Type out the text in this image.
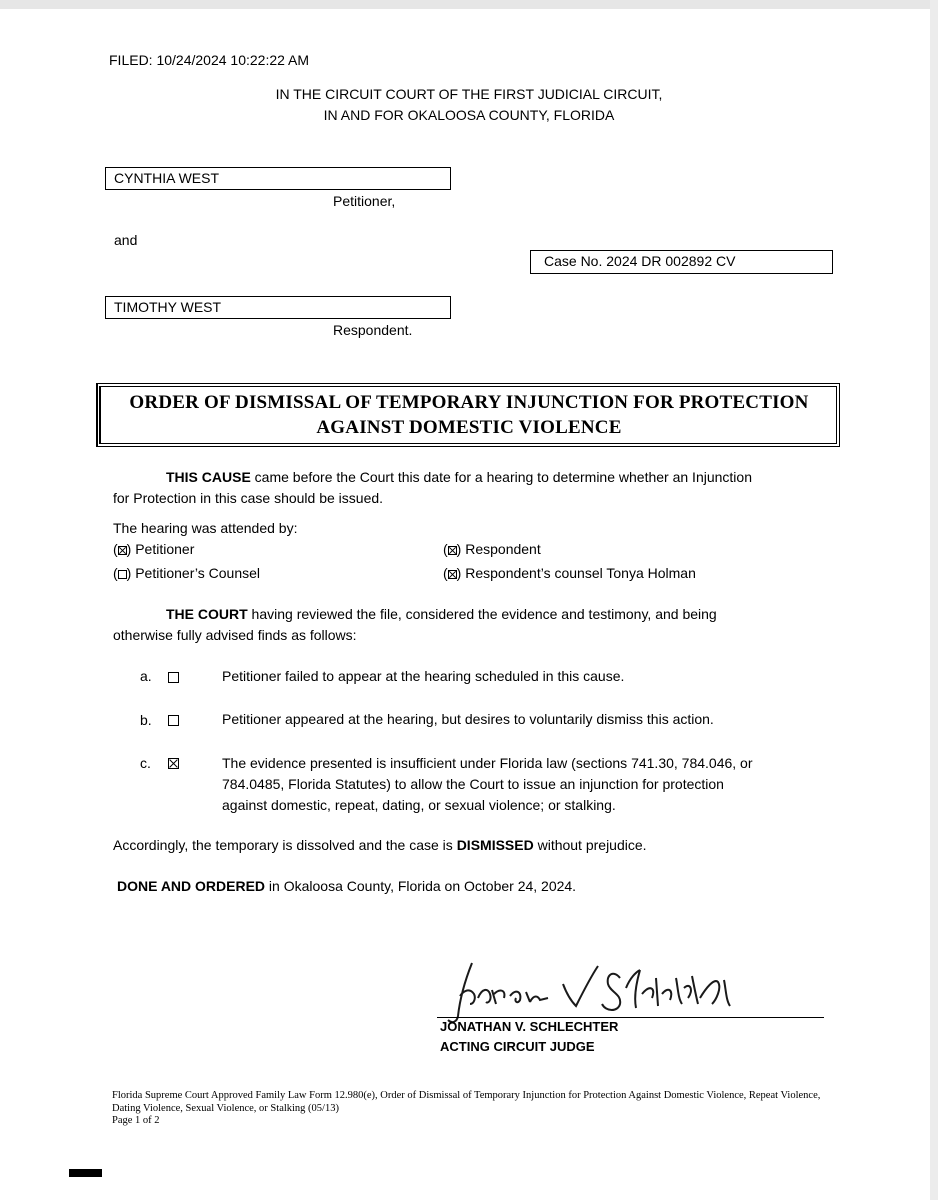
FILED: 10/24/2024 10:22:22 AM
IN THE CIRCUIT COURT OF THE FIRST JUDICIAL CIRCUIT,
IN AND FOR OKALOOSA COUNTY, FLORIDA
CYNTHIA WEST
Petitioner,
and
Case No. 2024 DR 002892 CV
TIMOTHY WEST
Respondent.
ORDER OF DISMISSAL OF TEMPORARY INJUNCTION FOR PROTECTION
AGAINST DOMESTIC VIOLENCE
THIS CAUSE came before the Court this date for a hearing to determine whether an Injunction
for Protection in this case should be issued.
The hearing was attended by:
( ) Petitioner	( ) Respondent
( ) Petitioner’s Counsel	( ) Respondent’s counsel Tonya Holman
THE COURT having reviewed the file, considered the evidence and testimony, and being
otherwise fully advised finds as follows:
a.	Petitioner failed to appear at the hearing scheduled in this cause.
b.	Petitioner appeared at the hearing, but desires to voluntarily dismiss this action.
c.	The evidence presented is insufficient under Florida law (sections 741.30, 784.046, or
784.0485, Florida Statutes) to allow the Court to issue an injunction for protection
against domestic, repeat, dating, or sexual violence; or stalking.
Accordingly, the temporary is dissolved and the case is DISMISSED without prejudice.
DONE AND ORDERED in Okaloosa County, Florida on October 24, 2024.
JONATHAN V. SCHLECHTER
ACTING CIRCUIT JUDGE
Florida Supreme Court Approved Family Law Form 12.980(e), Order of Dismissal of Temporary Injunction for Protection Against Domestic Violence, Repeat Violence, Dating Violence, Sexual Violence, or Stalking (05/13)
Page 1 of 2
